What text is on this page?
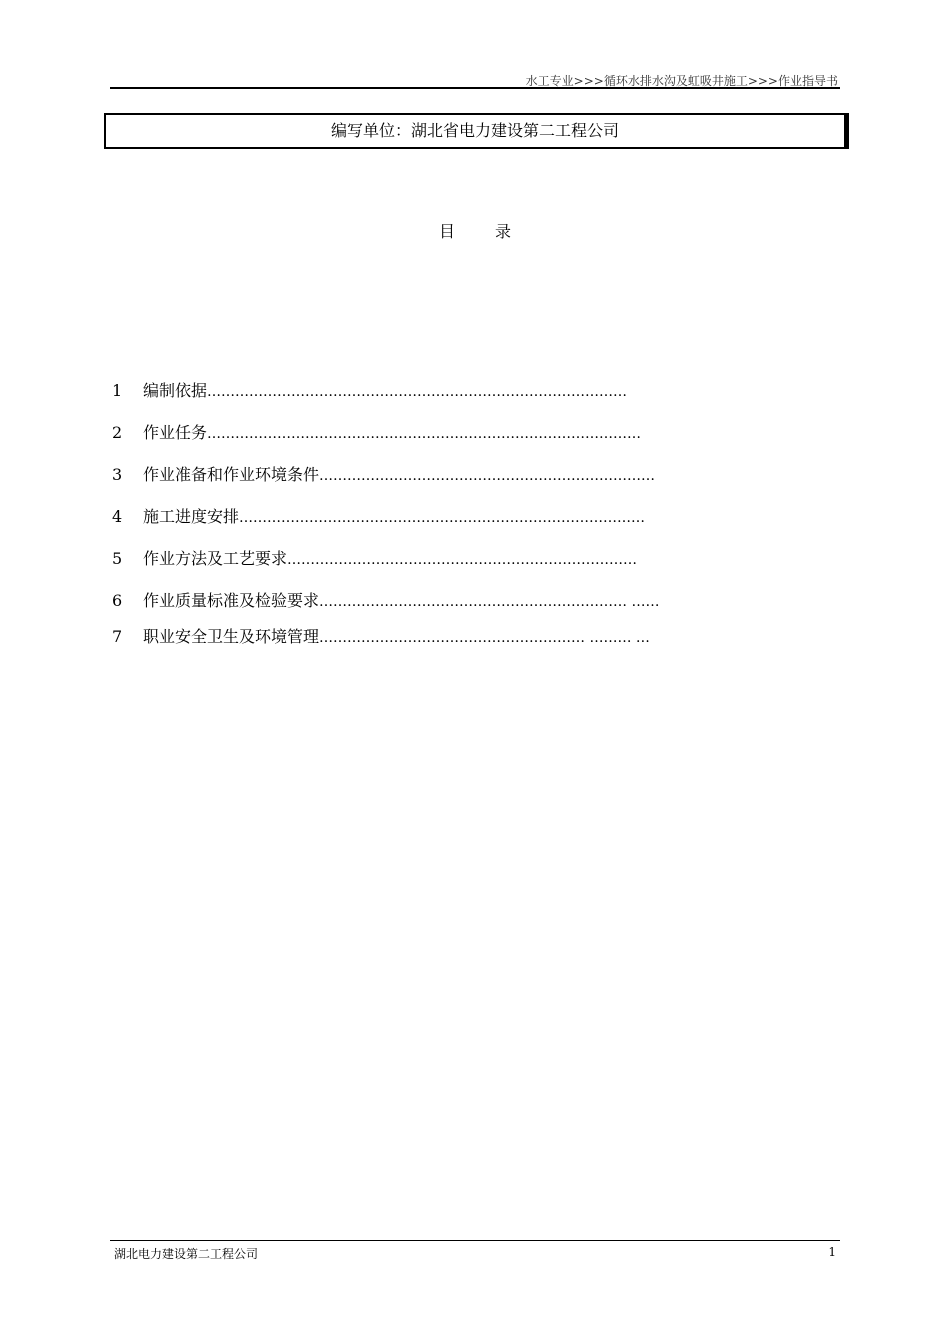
水工专业>>>循环水排水沟及虹吸井施工>>>作业指导书
编写单位：湖北省电力建设第二工程公司
目录
1 编制依据………………………………………………………………………………
2 作业任务…………………………………………………………………………………
3 作业准备和作业环境条件………………………………………………………………
4 施工进度安排……………………………………………………………………………
5 作业方法及工艺要求…………………………………………………………………
6 作业质量标准及检验要求………………………………………………………… ……
7 职业安全卫生及环境管理………………………………………………… ……… …
湖北电力建设第二工程公司	1
